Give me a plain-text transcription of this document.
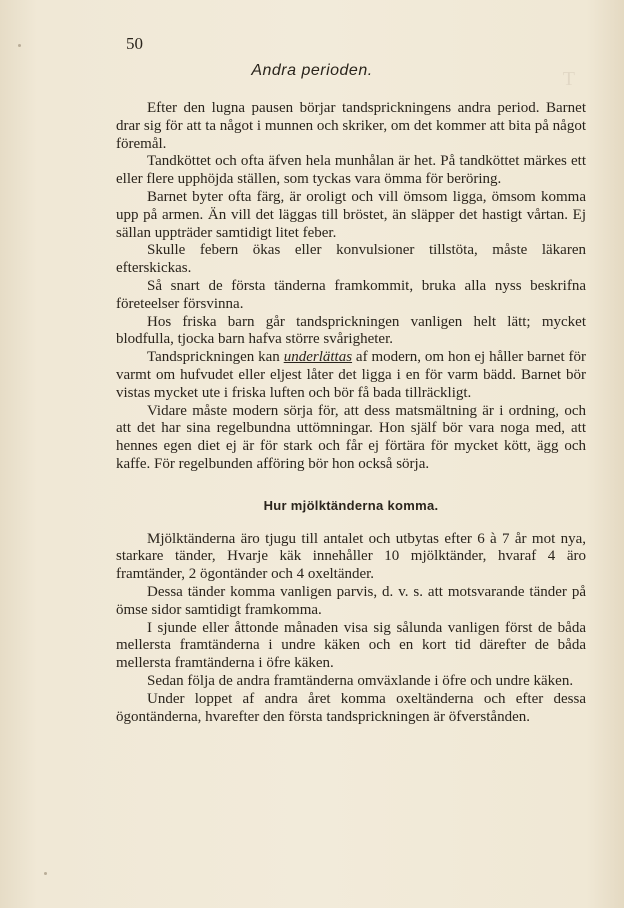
T
50
Andra perioden.

Efter den lugna pausen börjar tandsprickningens andra period. Barnet drar sig för att ta något i munnen och skriker, om det kommer att bita på något föremål.

Tandköttet och ofta äfven hela munhålan är het. På tandköttet märkes ett eller flere upphöjda ställen, som tyckas vara ömma för beröring.

Barnet byter ofta färg, är oroligt och vill ömsom ligga, ömsom komma upp på armen. Än vill det läggas till bröstet, än släpper det hastigt vårtan. Ej sällan uppträder samtidigt litet feber.

Skulle febern ökas eller konvulsioner tillstöta, måste läkaren efterskickas.

Så snart de första tänderna framkommit, bruka alla nyss beskrifna företeelser försvinna.

Hos friska barn går tandsprickningen vanligen helt lätt; mycket blodfulla, tjocka barn hafva större svårigheter.

Tandsprickningen kan underlättas af modern, om hon ej håller barnet för varmt om hufvudet eller eljest låter det ligga i en för varm bädd. Barnet bör vistas mycket ute i friska luften och bör få bada tillräckligt.

Vidare måste modern sörja för, att dess matsmältning är i ordning, och att det har sina regelbundna uttömningar. Hon själf bör vara noga med, att hennes egen diet ej är för stark och får ej förtära för mycket kött, ägg och kaffe. För regelbunden afföring bör hon också sörja.

Hur mjölktänderna komma.

Mjölktänderna äro tjugu till antalet och utbytas efter 6 à 7 år mot nya, starkare tänder, Hvarje käk innehåller 10 mjölktänder, hvaraf 4 äro framtänder, 2 ögontänder och 4 oxeltänder.

Dessa tänder komma vanligen parvis, d. v. s. att motsvarande tänder på ömse sidor samtidigt framkomma.

I sjunde eller åttonde månaden visa sig sålunda vanligen först de båda mellersta framtänderna i undre käken och en kort tid därefter de båda mellersta framtänderna i öfre käken.

Sedan följa de andra framtänderna omväxlande i öfre och undre käken.

Under loppet af andra året komma oxeltänderna och efter dessa ögontänderna, hvarefter den första tandsprickningen är öfverstånden.
